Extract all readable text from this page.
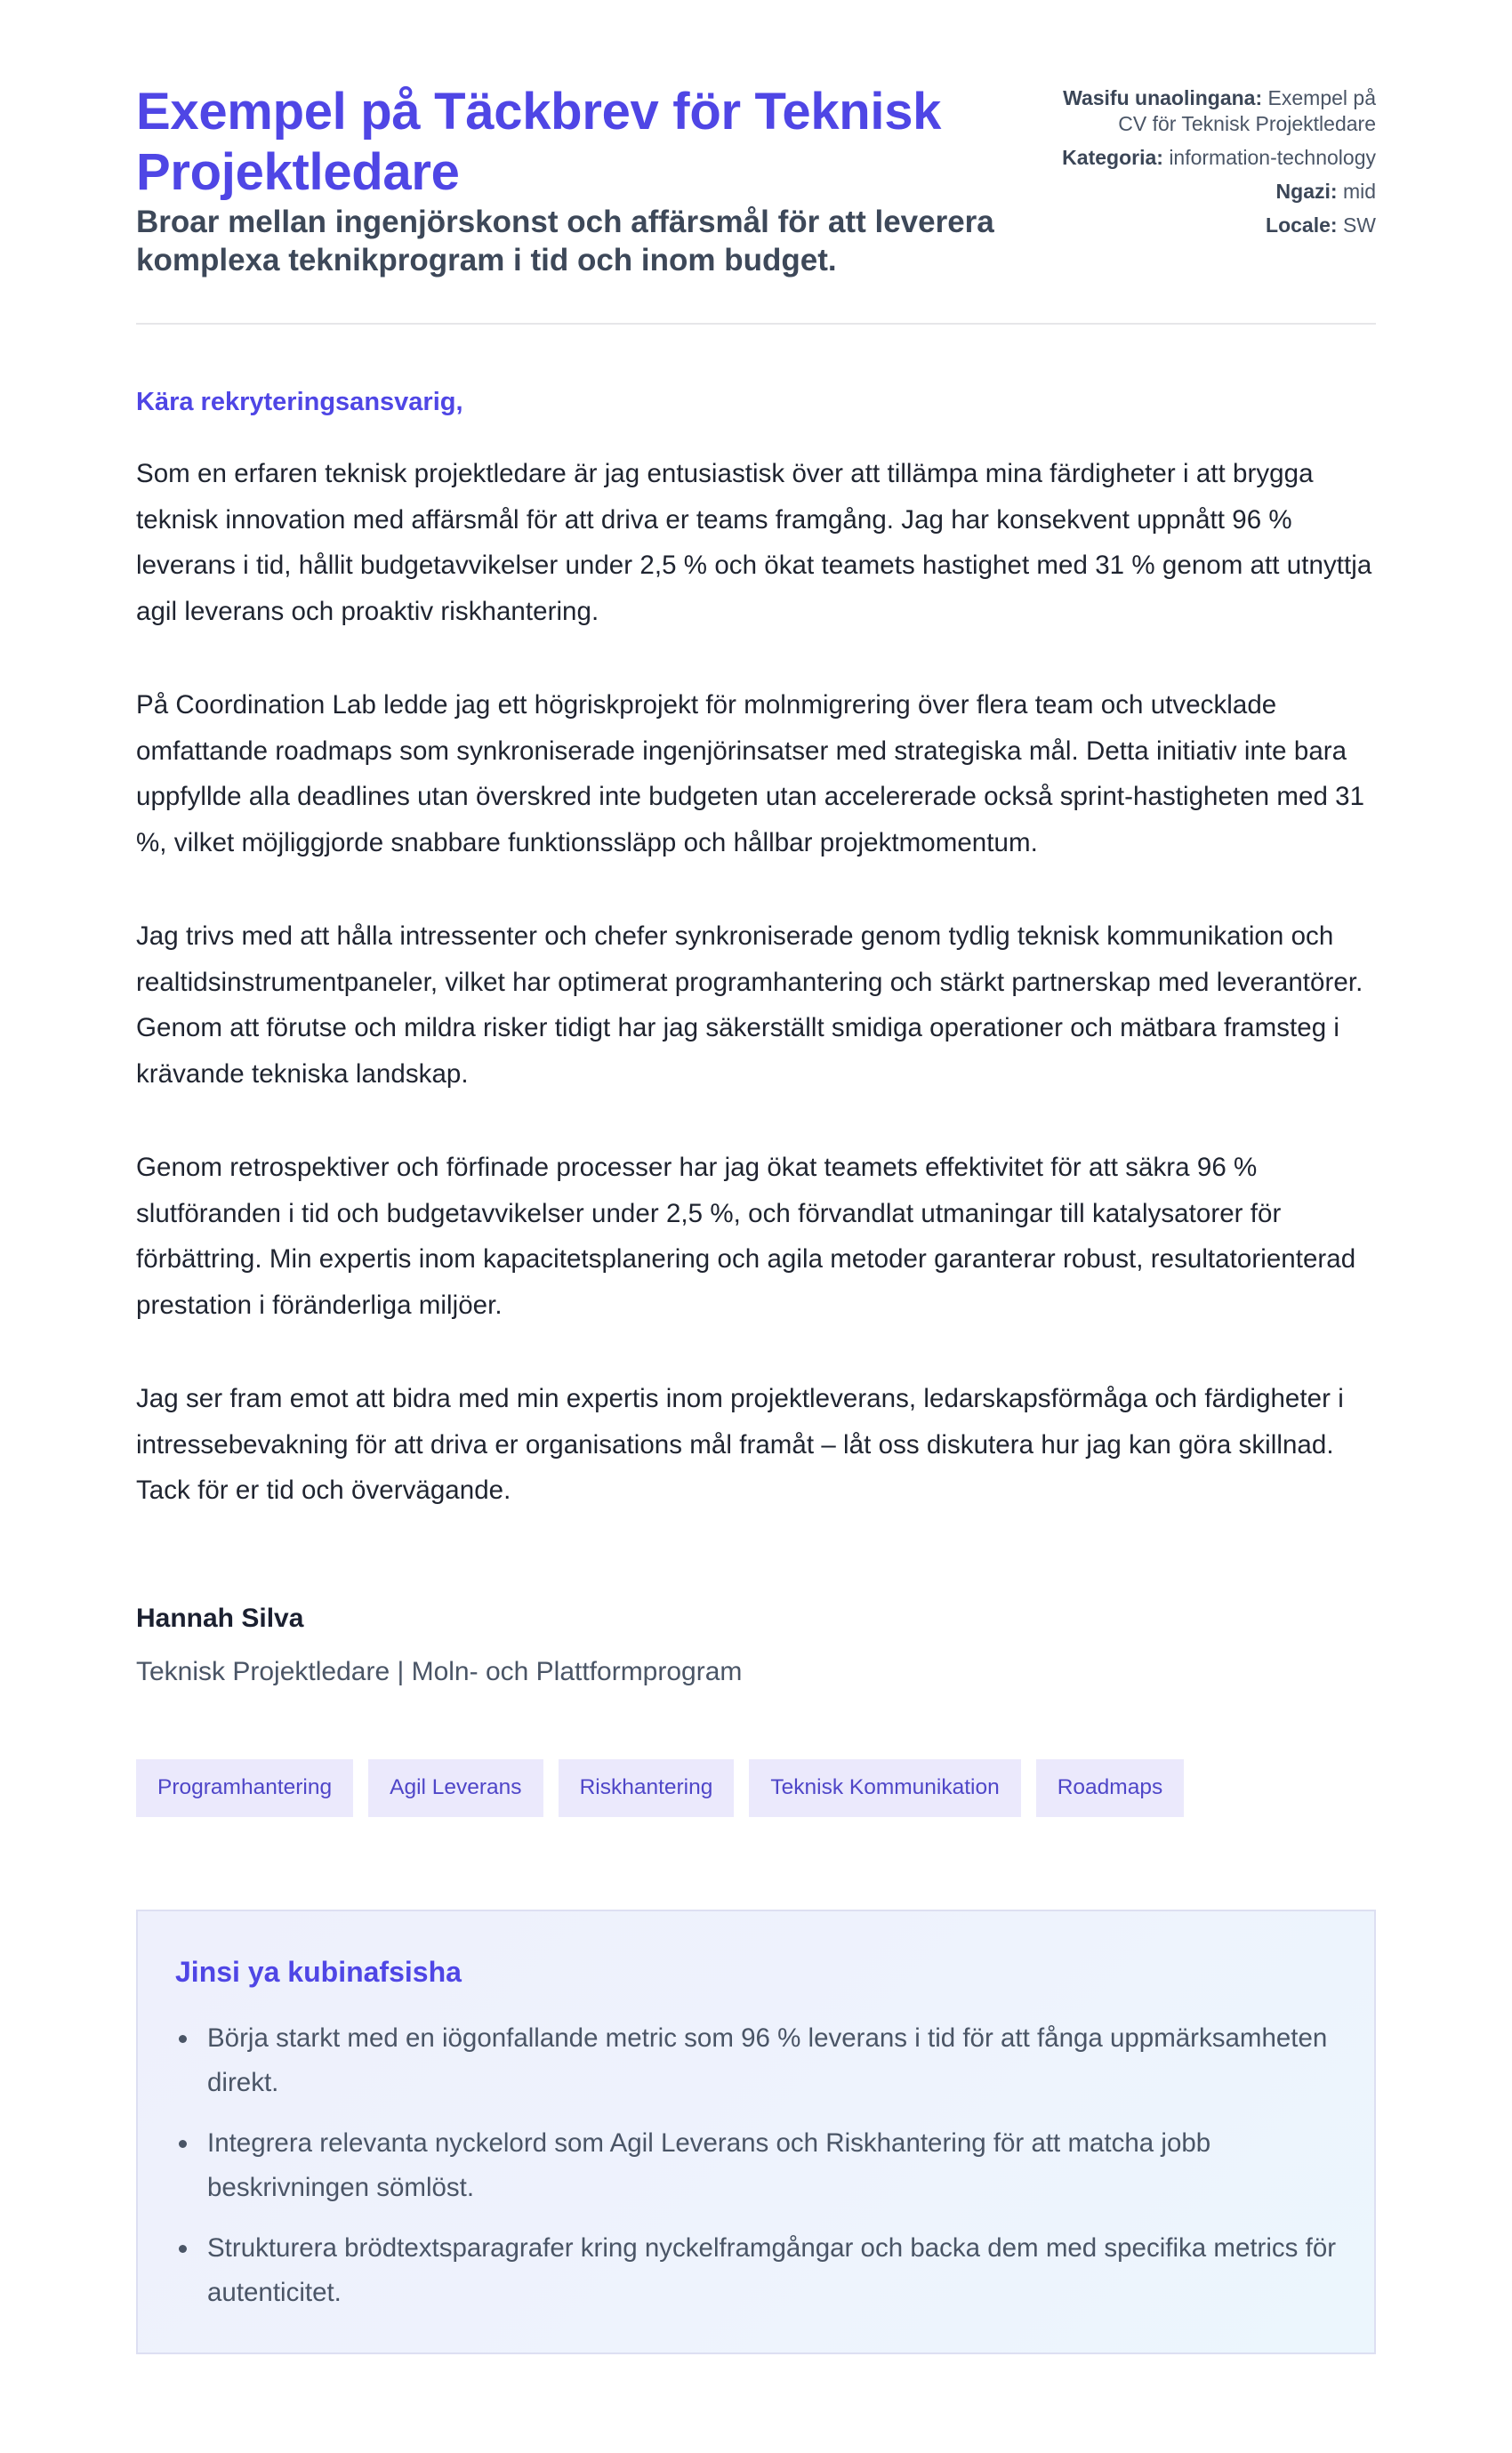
Exempel på Täckbrev för Teknisk Projektledare
Broar mellan ingenjörskonst och affärsmål för att leverera komplexa teknikprogram i tid och inom budget.
Wasifu unaolingana: Exempel på CV för Teknisk Projektledare
Kategoria: information-technology
Ngazi: mid
Locale: SW

Kära rekryteringsansvarig,

Som en erfaren teknisk projektledare är jag entusiastisk över att tillämpa mina färdigheter i att brygga teknisk innovation med affärsmål för att driva er teams framgång. Jag har konsekvent uppnått 96 % leverans i tid, hållit budgetavvikelser under 2,5 % och ökat teamets hastighet med 31 % genom att utnyttja agil leverans och proaktiv riskhantering.

På Coordination Lab ledde jag ett högriskprojekt för molnmigrering över flera team och utvecklade omfattande roadmaps som synkroniserade ingenjörinsatser med strategiska mål. Detta initiativ inte bara uppfyllde alla deadlines utan överskred inte budgeten utan accelererade också sprint-hastigheten med 31 %, vilket möjliggjorde snabbare funktionssläpp och hållbar projektmomentum.

Jag trivs med att hålla intressenter och chefer synkroniserade genom tydlig teknisk kommunikation och realtidsinstrumentpaneler, vilket har optimerat programhantering och stärkt partnerskap med leverantörer. Genom att förutse och mildra risker tidigt har jag säkerställt smidiga operationer och mätbara framsteg i krävande tekniska landskap.

Genom retrospektiver och förfinade processer har jag ökat teamets effektivitet för att säkra 96 % slutföranden i tid och budgetavvikelser under 2,5 %, och förvandlat utmaningar till katalysatorer för förbättring. Min expertis inom kapacitetsplanering och agila metoder garanterar robust, resultatorienterad prestation i föränderliga miljöer.

Jag ser fram emot att bidra med min expertis inom projektleverans, ledarskapsförmåga och färdigheter i intressebevakning för att driva er organisations mål framåt – låt oss diskutera hur jag kan göra skillnad. Tack för er tid och övervägande.

Hannah Silva
Teknisk Projektledare | Moln- och Plattformprogram
Programhantering	Agil Leverans	Riskhantering	Teknisk Kommunikation	Roadmaps
Jinsi ya kubinafsisha
Börja starkt med en iögonfallande metric som 96 % leverans i tid för att fånga uppmärksamheten direkt.
Integrera relevanta nyckelord som Agil Leverans och Riskhantering för att matcha jobb beskrivningen sömlöst.
Strukturera brödtextsparagrafer kring nyckelframgångar och backa dem med specifika metrics för autenticitet.
